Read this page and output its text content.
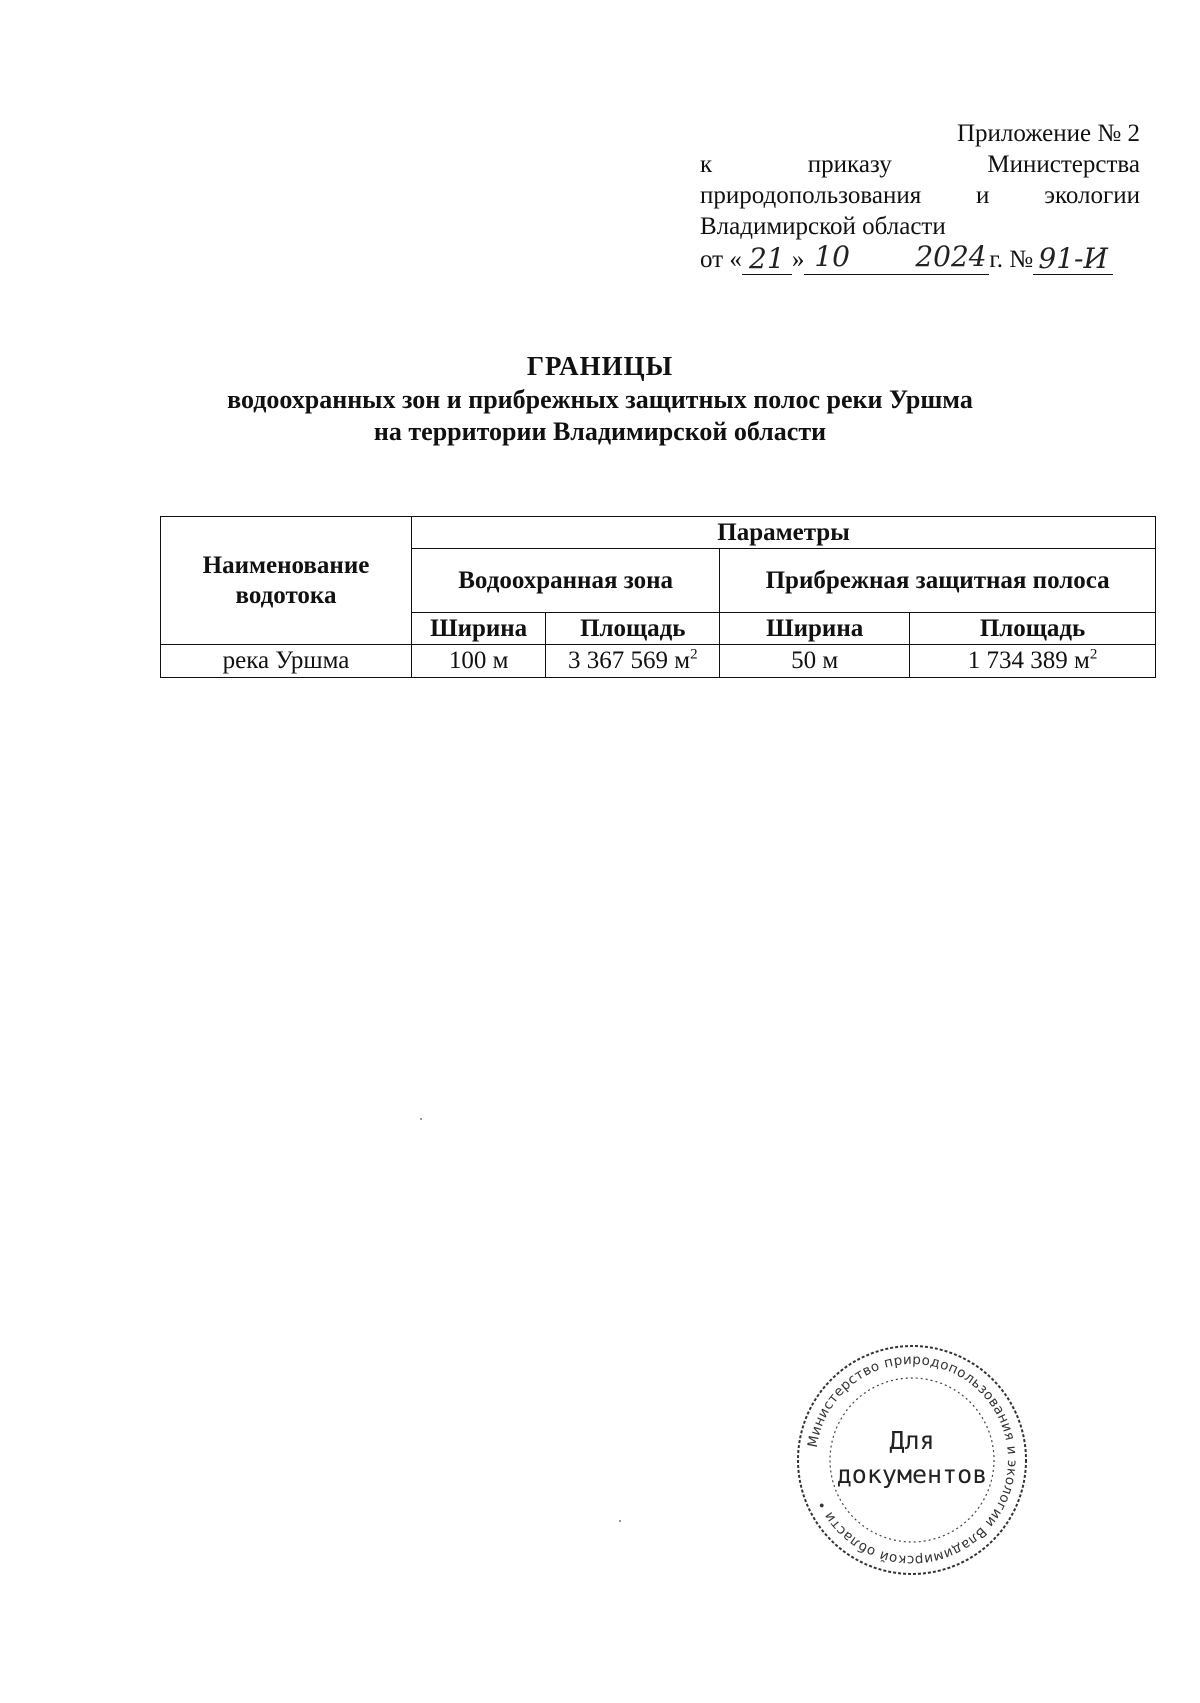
Приложение № 2
к	приказу	Министерства
природопользования и экологии
Владимирской области
от « 21 » 10 2024 г. № 91-И
ГРАНИЦЫ
водоохранных зон и прибрежных защитных полос реки Уршма
на территории Владимирской области
Наименование водотока	Параметры			
	Водоохранная зона		Прибрежная защитная полоса	
	Ширина	Площадь	Ширина	Площадь
река Уршма	100 м	3 367 569 $м^2$	50 м	1 734 389 $м^2$
Министерство природопользования и экологии Владимирской области •
Для
документов
